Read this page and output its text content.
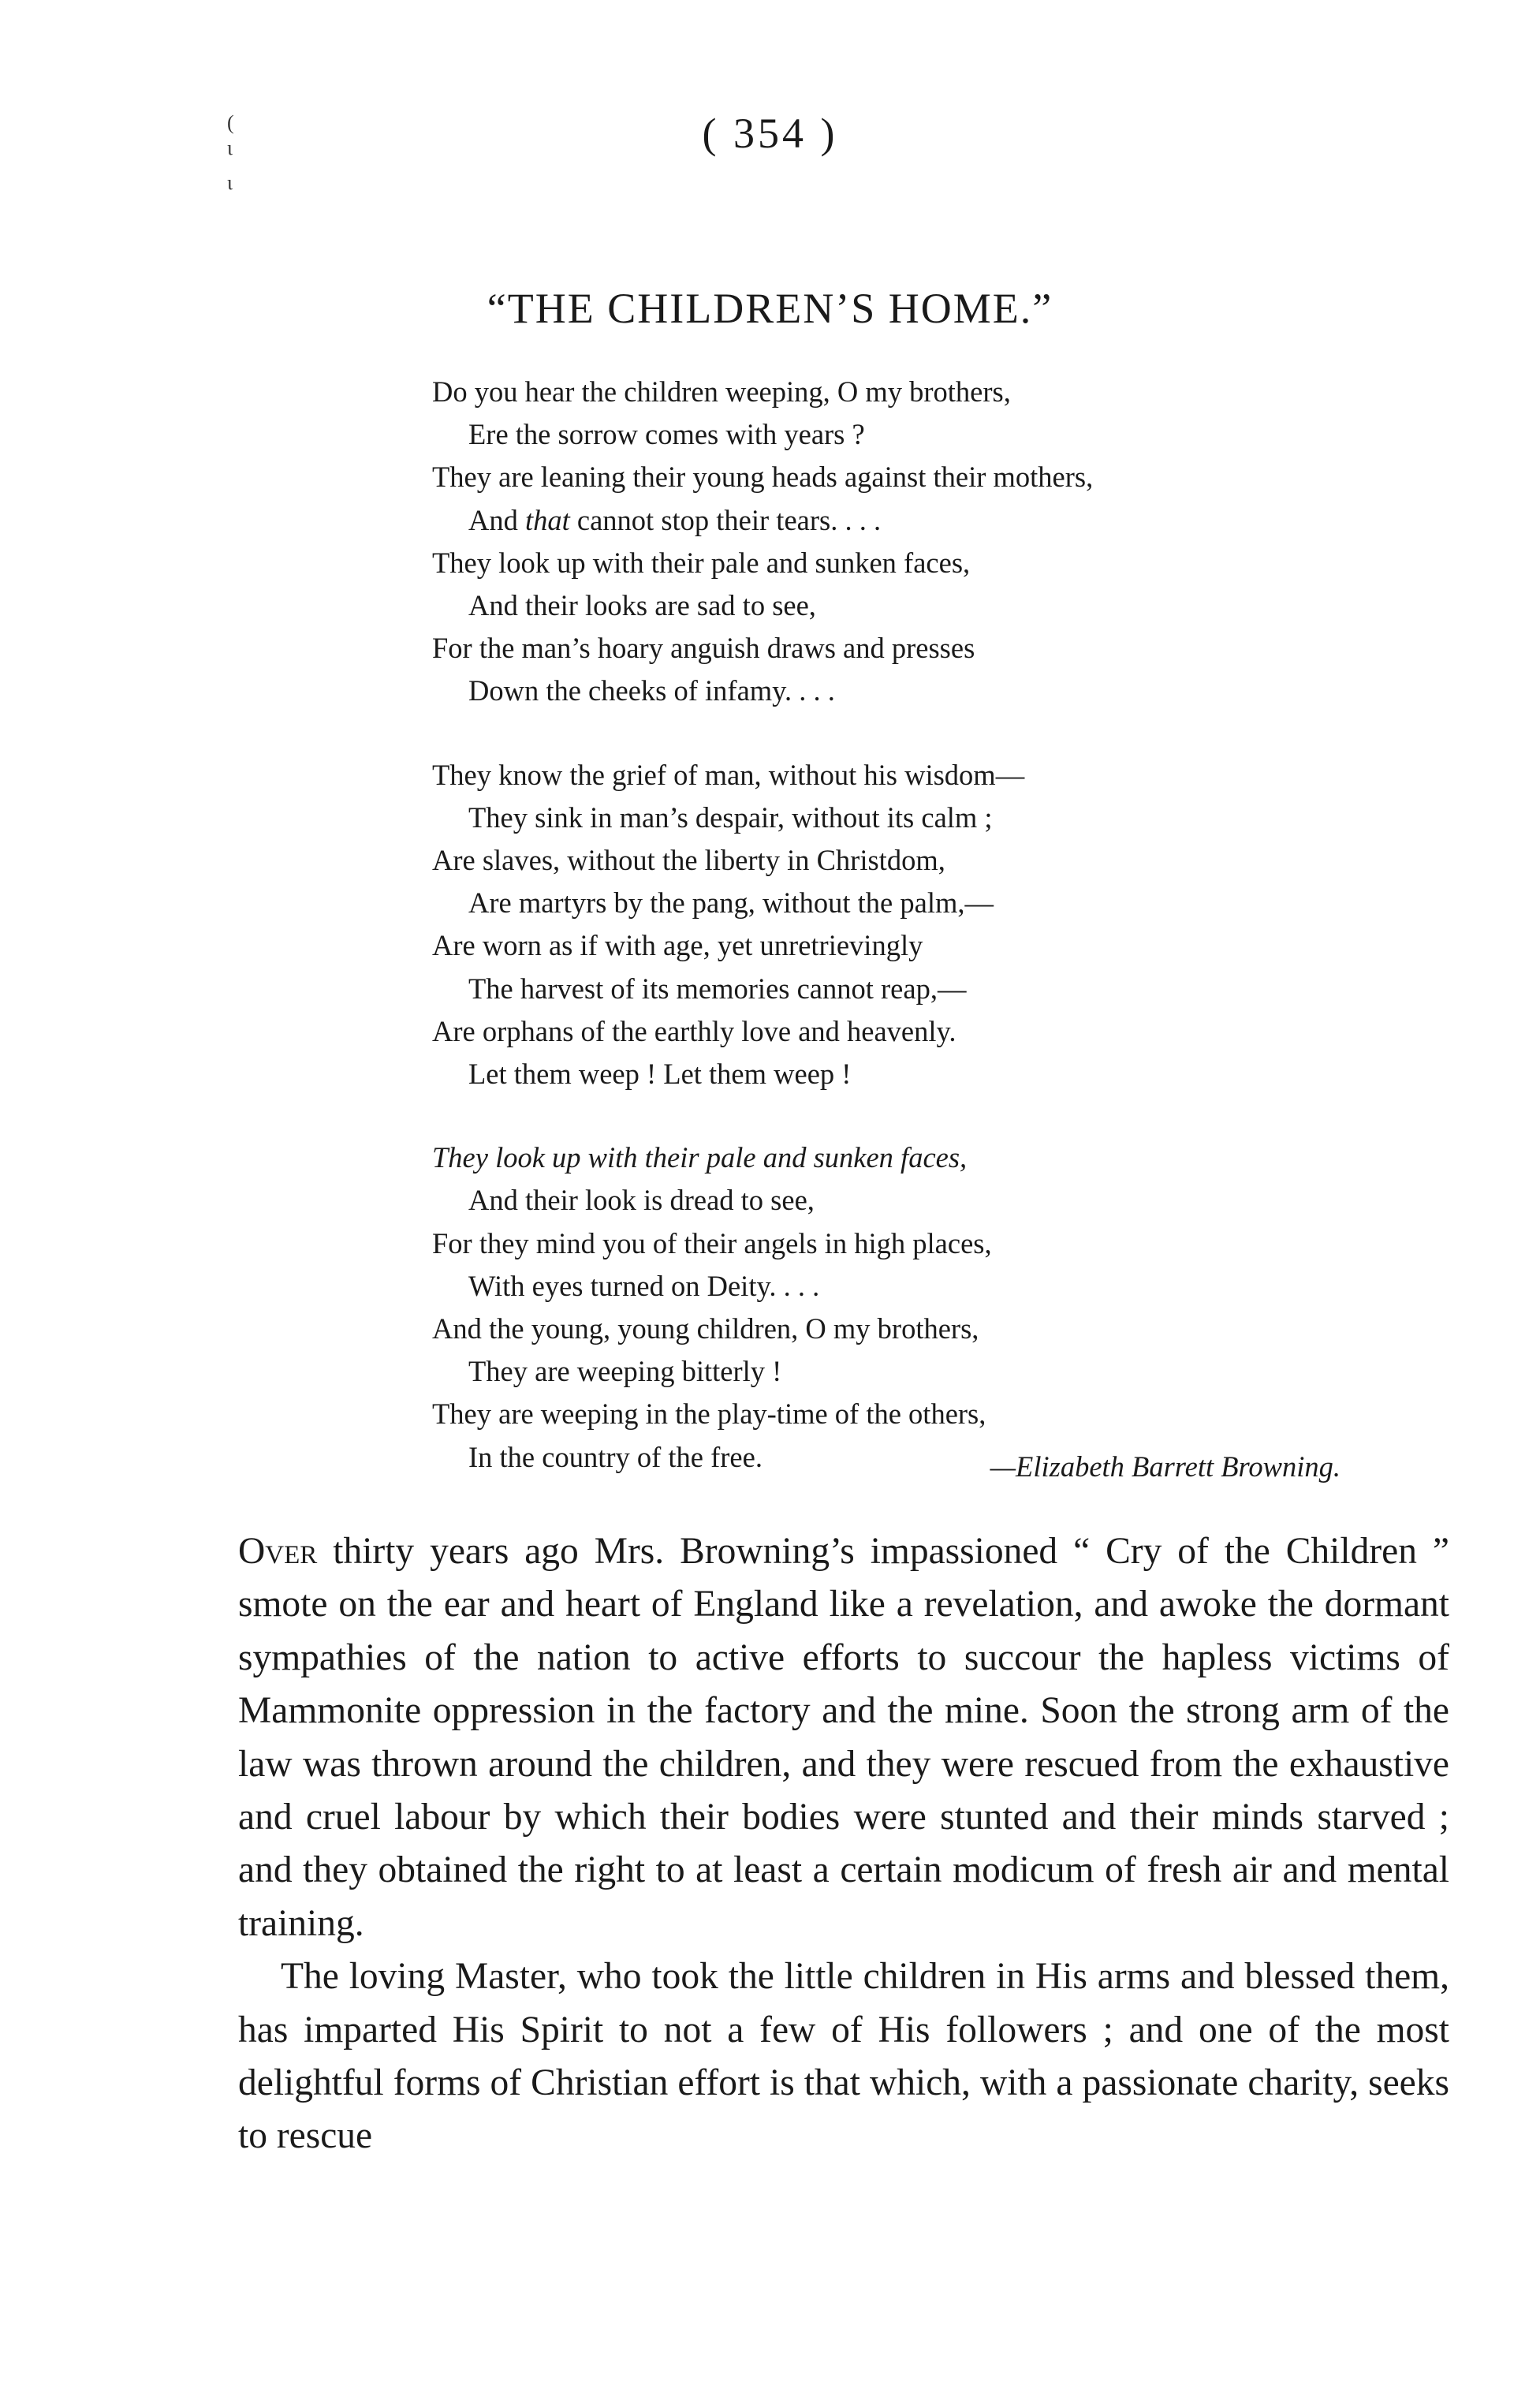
(
ι
ι
( 354 )
“THE CHILDREN’S HOME.”
Do you hear the children weeping, O my brothers,
Ere the sorrow comes with years ?
They are leaning their young heads against their mothers,
And that cannot stop their tears. . . .
They look up with their pale and sunken faces,
And their looks are sad to see,
For the man’s hoary anguish draws and presses
Down the cheeks of infamy. . . .
They know the grief of man, without his wisdom—
They sink in man’s despair, without its calm ;
Are slaves, without the liberty in Christdom,
Are martyrs by the pang, without the palm,—
Are worn as if with age, yet unretrievingly
The harvest of its memories cannot reap,—
Are orphans of the earthly love and heavenly.
Let them weep ! Let them weep !
They look up with their pale and sunken faces,
And their look is dread to see,
For they mind you of their angels in high places,
With eyes turned on Deity. . . .
And the young, young children, O my brothers,
They are weeping bitterly !
They are weeping in the play-time of the others,
In the country of the free.	—Elizabeth Barrett Browning.

Over thirty years ago Mrs. Browning’s impassioned “ Cry of the Children ” smote on the ear and heart of England like a revelation, and awoke the dormant sympathies of the nation to active efforts to succour the hapless victims of Mammonite oppression in the factory and the mine. Soon the strong arm of the law was thrown around the children, and they were rescued from the exhaustive and cruel labour by which their bodies were stunted and their minds starved ; and they obtained the right to at least a certain modicum of fresh air and mental training.

The loving Master, who took the little children in His arms and blessed them, has imparted His Spirit to not a few of His followers ; and one of the most delightful forms of Christian effort is that which, with a passionate charity, seeks to rescue
